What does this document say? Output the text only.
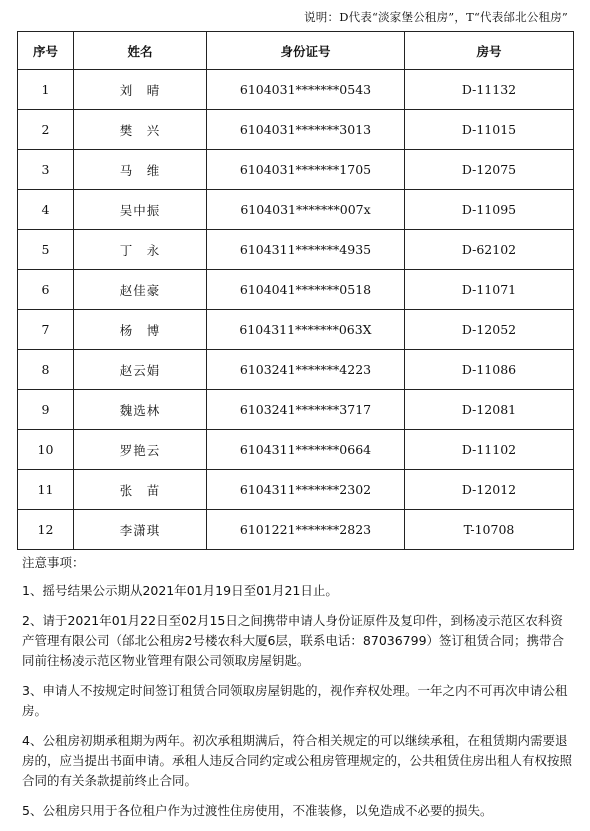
说明：D代表“淡家堡公租房”，T“代表邰北公租房”
序号	姓名	身份证号	房号
1	刘　晴	6104031*******0543	D-11132
2	樊　兴	6104031*******3013	D-11015
3	马　维	6104031*******1705	D-12075
4	吴中振	6104031*******007x	D-11095
5	丁　永	6104311*******4935	D-62102
6	赵佳豪	6104041*******0518	D-11071
7	杨　博	6104311*******063X	D-12052
8	赵云娟	6103241*******4223	D-11086
9	魏选林	6103241*******3717	D-12081
10	罗艳云	6104311*******0664	D-11102
11	张　苗	6104311*******2302	D-12012
12	李潇琪	6101221*******2823	T-10708
注意事项：

1、摇号结果公示期从2021年01月19日至01月21日止。

2、请于2021年01月22日至02月15日之间携带申请人身份证原件及复印件，到杨凌示范区农科资产管理有限公司（邰北公租房2号楼农科大厦6层，联系电话：87036799）签订租赁合同；携带合同前往杨凌示范区物业管理有限公司领取房屋钥匙。

3、申请人不按规定时间签订租赁合同领取房屋钥匙的，视作弃权处理。一年之内不可再次申请公租房。

4、公租房初期承租期为两年。初次承租期满后，符合相关规定的可以继续承租，在租赁期内需要退房的，应当提出书面申请。承租人违反合同约定或公租房管理规定的，公共租赁住房出租人有权按照合同的有关条款提前终止合同。

5、公租房只用于各位租户作为过渡性住房使用，不准装修，以免造成不必要的损失。
